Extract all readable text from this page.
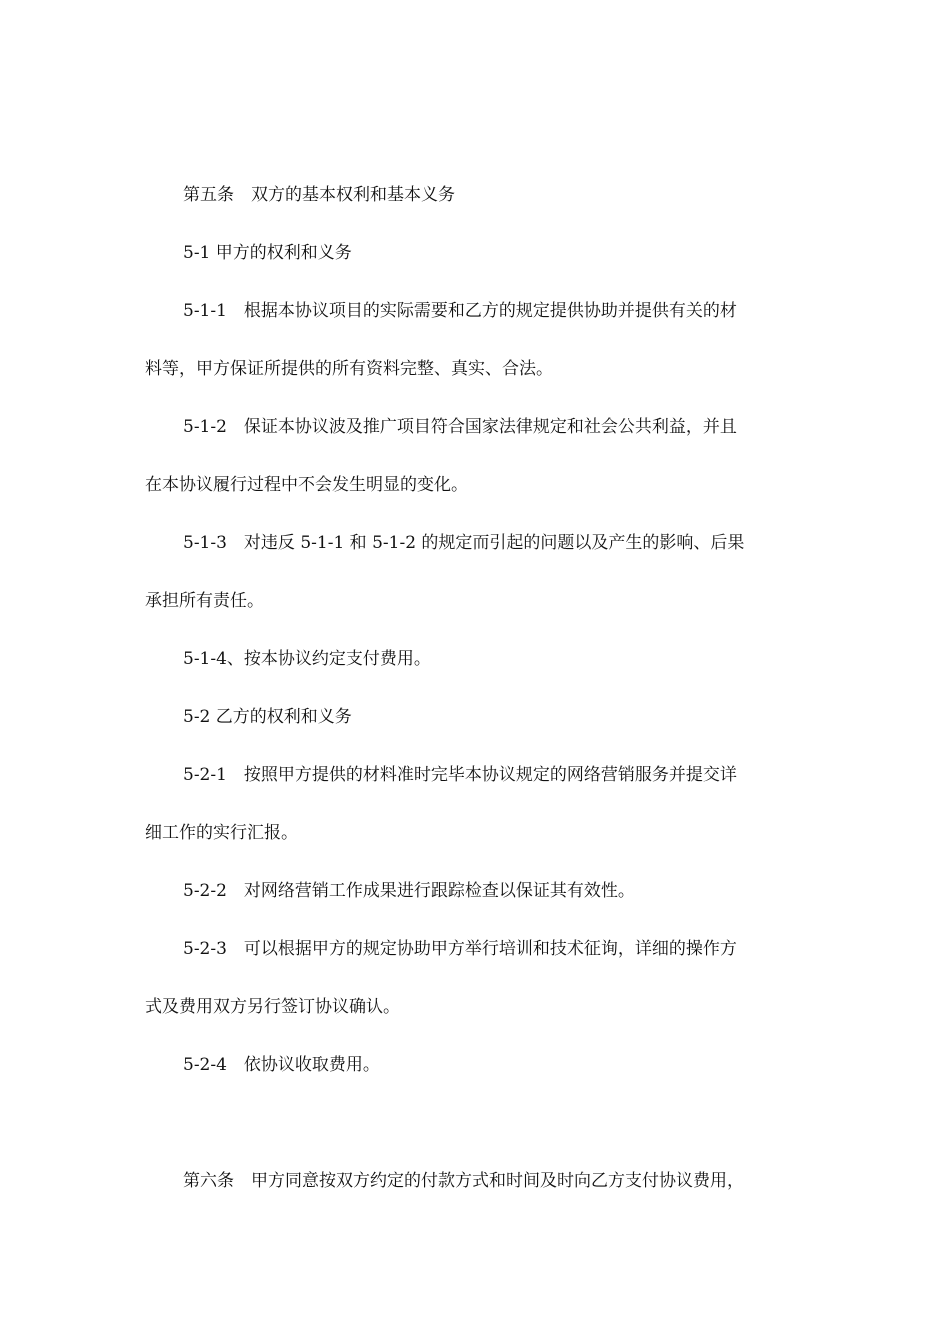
第五条　双方的基本权利和基本义务

5-1 甲方的权利和义务

5-1-1　根据本协议项目的实际需要和乙方的规定提供协助并提供有关的材
料等，甲方保证所提供的所有资料完整、真实、合法。

5-1-2　保证本协议波及推广项目符合国家法律规定和社会公共利益，并且
在本协议履行过程中不会发生明显的变化。

5-1-3　对违反 5-1-1 和 5-1-2 的规定而引起的问题以及产生的影响、后果
承担所有责任。

5-1-4、按本协议约定支付费用。

5-2 乙方的权利和义务

5-2-1　按照甲方提供的材料准时完毕本协议规定的网络营销服务并提交详
细工作的实行汇报。

5-2-2　对网络营销工作成果进行跟踪检查以保证其有效性。

5-2-3　可以根据甲方的规定协助甲方举行培训和技术征询，详细的操作方
式及费用双方另行签订协议确认。

5-2-4　依协议收取费用。

第六条　甲方同意按双方约定的付款方式和时间及时向乙方支付协议费用，
